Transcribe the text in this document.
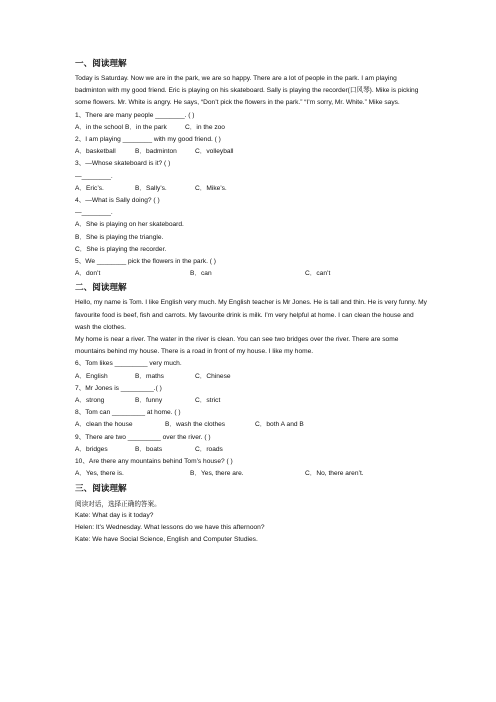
一、阅读理解
Today is Saturday. Now we are in the park, we are so happy. There are a lot of people in the park. I am playing badminton with my good friend. Eric is playing on his skateboard. Sally is playing the recorder(口风琴). Mike is picking some flowers. Mr. White is angry. He says, “Don’t pick the flowers in the park.” “I’m sorry, Mr. White.” Mike says.
1、There are many people ________. ( )
A．in the school B．in the park	C．in the zoo
2、I am playing ________ with my good friend. ( )
A．basketball	B．badminton	C．volleyball
3、—Whose skateboard is it? ( )
—________.
A．Eric’s.	B．Sally’s.	C．Mike’s.
4、—What is Sally doing? ( )
—________.
A．She is playing on her skateboard.
B．She is playing the triangle.
C．She is playing the recorder.
5、We ________ pick the flowers in the park. ( )
A．don’t	B．can	C．can’t
二、阅读理解
Hello, my name is Tom. I like English very much. My English teacher is Mr Jones. He is tall and thin. He is very funny. My favourite food is beef, fish and carrots. My favourite drink is milk. I’m very helpful at home. I can clean the house and wash the clothes.
My home is near a river. The water in the river is clean. You can see two bridges over the river. There are some mountains behind my house. There is a road in front of my house. I like my home.
6、Tom likes _________ very much.
A．English	B．maths	C．Chinese
7、Mr Jones is _________.( )
A．strong	B．funny	C．strict
8、Tom can _________ at home. ( )
A．clean the house	B．wash the clothes	C．both A and B
9、There are two _________ over the river. ( )
A．bridges	B．boats	C．roads
10、Are there any mountains behind Tom’s house? ( )
A．Yes, there is.	B．Yes, there are.	C．No, there aren’t.
三、阅读理解
阅读对话，选择正确的答案。
Kate: What day is it today?
Helen: It’s Wednesday. What lessons do we have this afternoon?
Kate: We have Social Science, English and Computer Studies.
